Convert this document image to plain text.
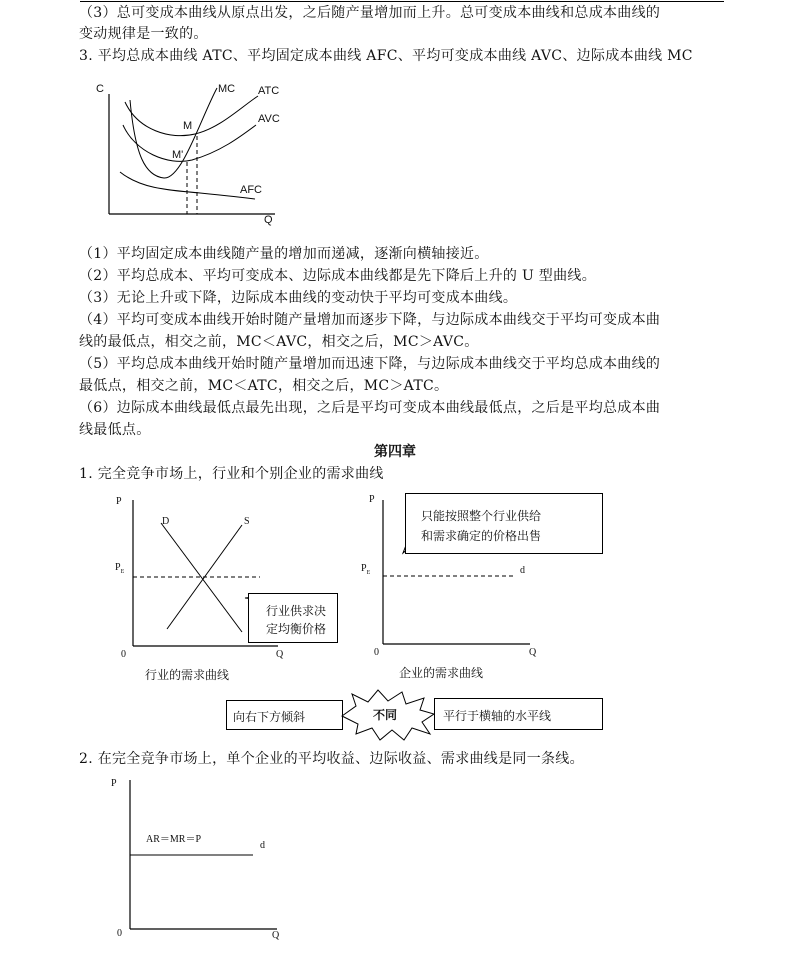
（3）总可变成本曲线从原点出发，之后随产量增加而上升。总可变成本曲线和总成本曲线的
变动规律是一致的。
3. 平均总成本曲线 ATC、平均固定成本曲线 AFC、平均可变成本曲线 AVC、边际成本曲线 MC
C
Q
MC ATC
AVC
AFC
M
M'
（1）平均固定成本曲线随产量的增加而递减，逐渐向横轴接近。
（2）平均总成本、平均可变成本、边际成本曲线都是先下降后上升的 U 型曲线。
（3）无论上升或下降，边际成本曲线的变动快于平均可变成本曲线。
（4）平均可变成本曲线开始时随产量增加而逐步下降，与边际成本曲线交于平均可变成本曲
线的最低点，相交之前，MC＜AVC，相交之后，MC＞AVC。
（5）平均总成本曲线开始时随产量增加而迅速下降，与边际成本曲线交于平均总成本曲线的
最低点，相交之前，MC＜ATC，相交之后，MC＞ATC。
（6）边际成本曲线最低点最先出现，之后是平均可变成本曲线最低点，之后是平均总成本曲
线最低点。
第四章
1. 完全竞争市场上，行业和个别企业的需求曲线
P
Q
0
D	S
$P_E$
行业供求决
定均衡价格
行业的需求曲线
P
Q
0
$P_E$	d
只能按照整个行业供给
和需求确定的价格出售
企业的需求曲线
向右下方倾斜	不同	平行于横轴的水平线
2. 在完全竞争市场上，单个企业的平均收益、边际收益、需求曲线是同一条线。
P
Q
0
AR＝MR＝P
d
